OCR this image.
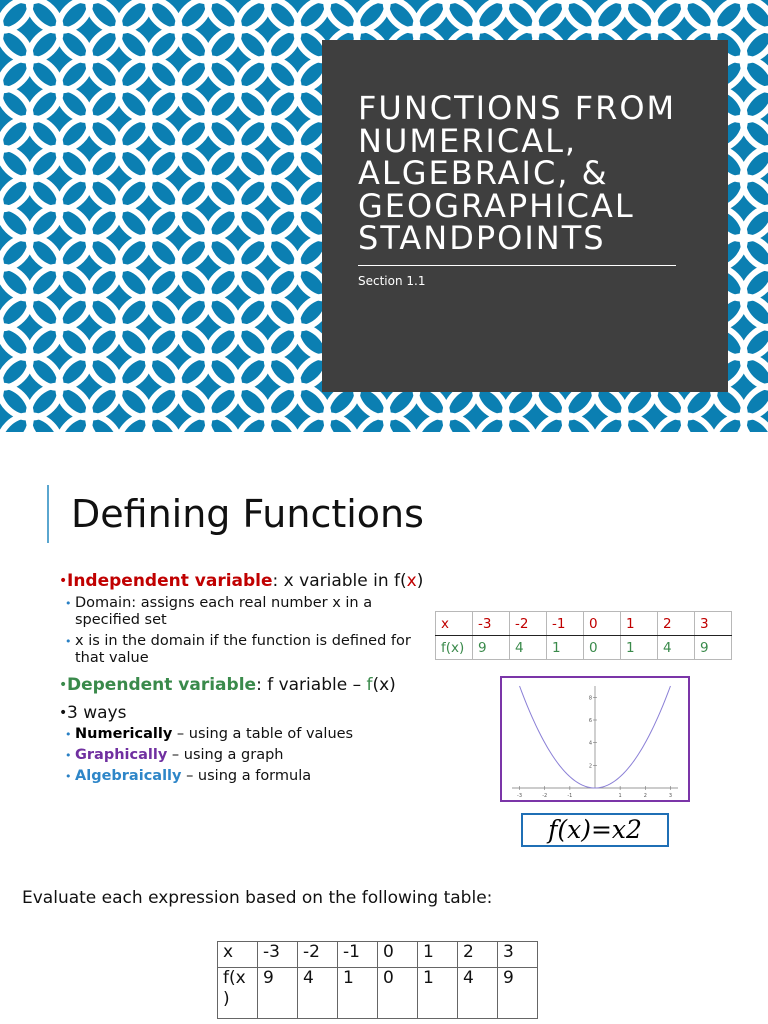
FUNCTIONS FROM NUMERICAL, ALGEBRAIC, & GEOGRAPHICAL STANDPOINTS
Section 1.1
Defining Functions
• Independent variable: x variable in f(x)
• Domain: assigns each real number x in a specified set
• x is in the domain if the function is defined for that value
• Dependent variable: f variable – f(x)
• 3 ways
• Numerically – using a table of values
• Graphically – using a graph
• Algebraically – using a formula
x	-3	-2	-1	0	1	2	3
f(x)	9	4	1	0	1	4	9
-3	-2	-1	1	2	3
2
4
6
8
f(x)=x2
Evaluate each expression based on the following table:
x	-3	-2	-1	0	1	2	3
f(x
)	9	4	1	0	1	4	9
